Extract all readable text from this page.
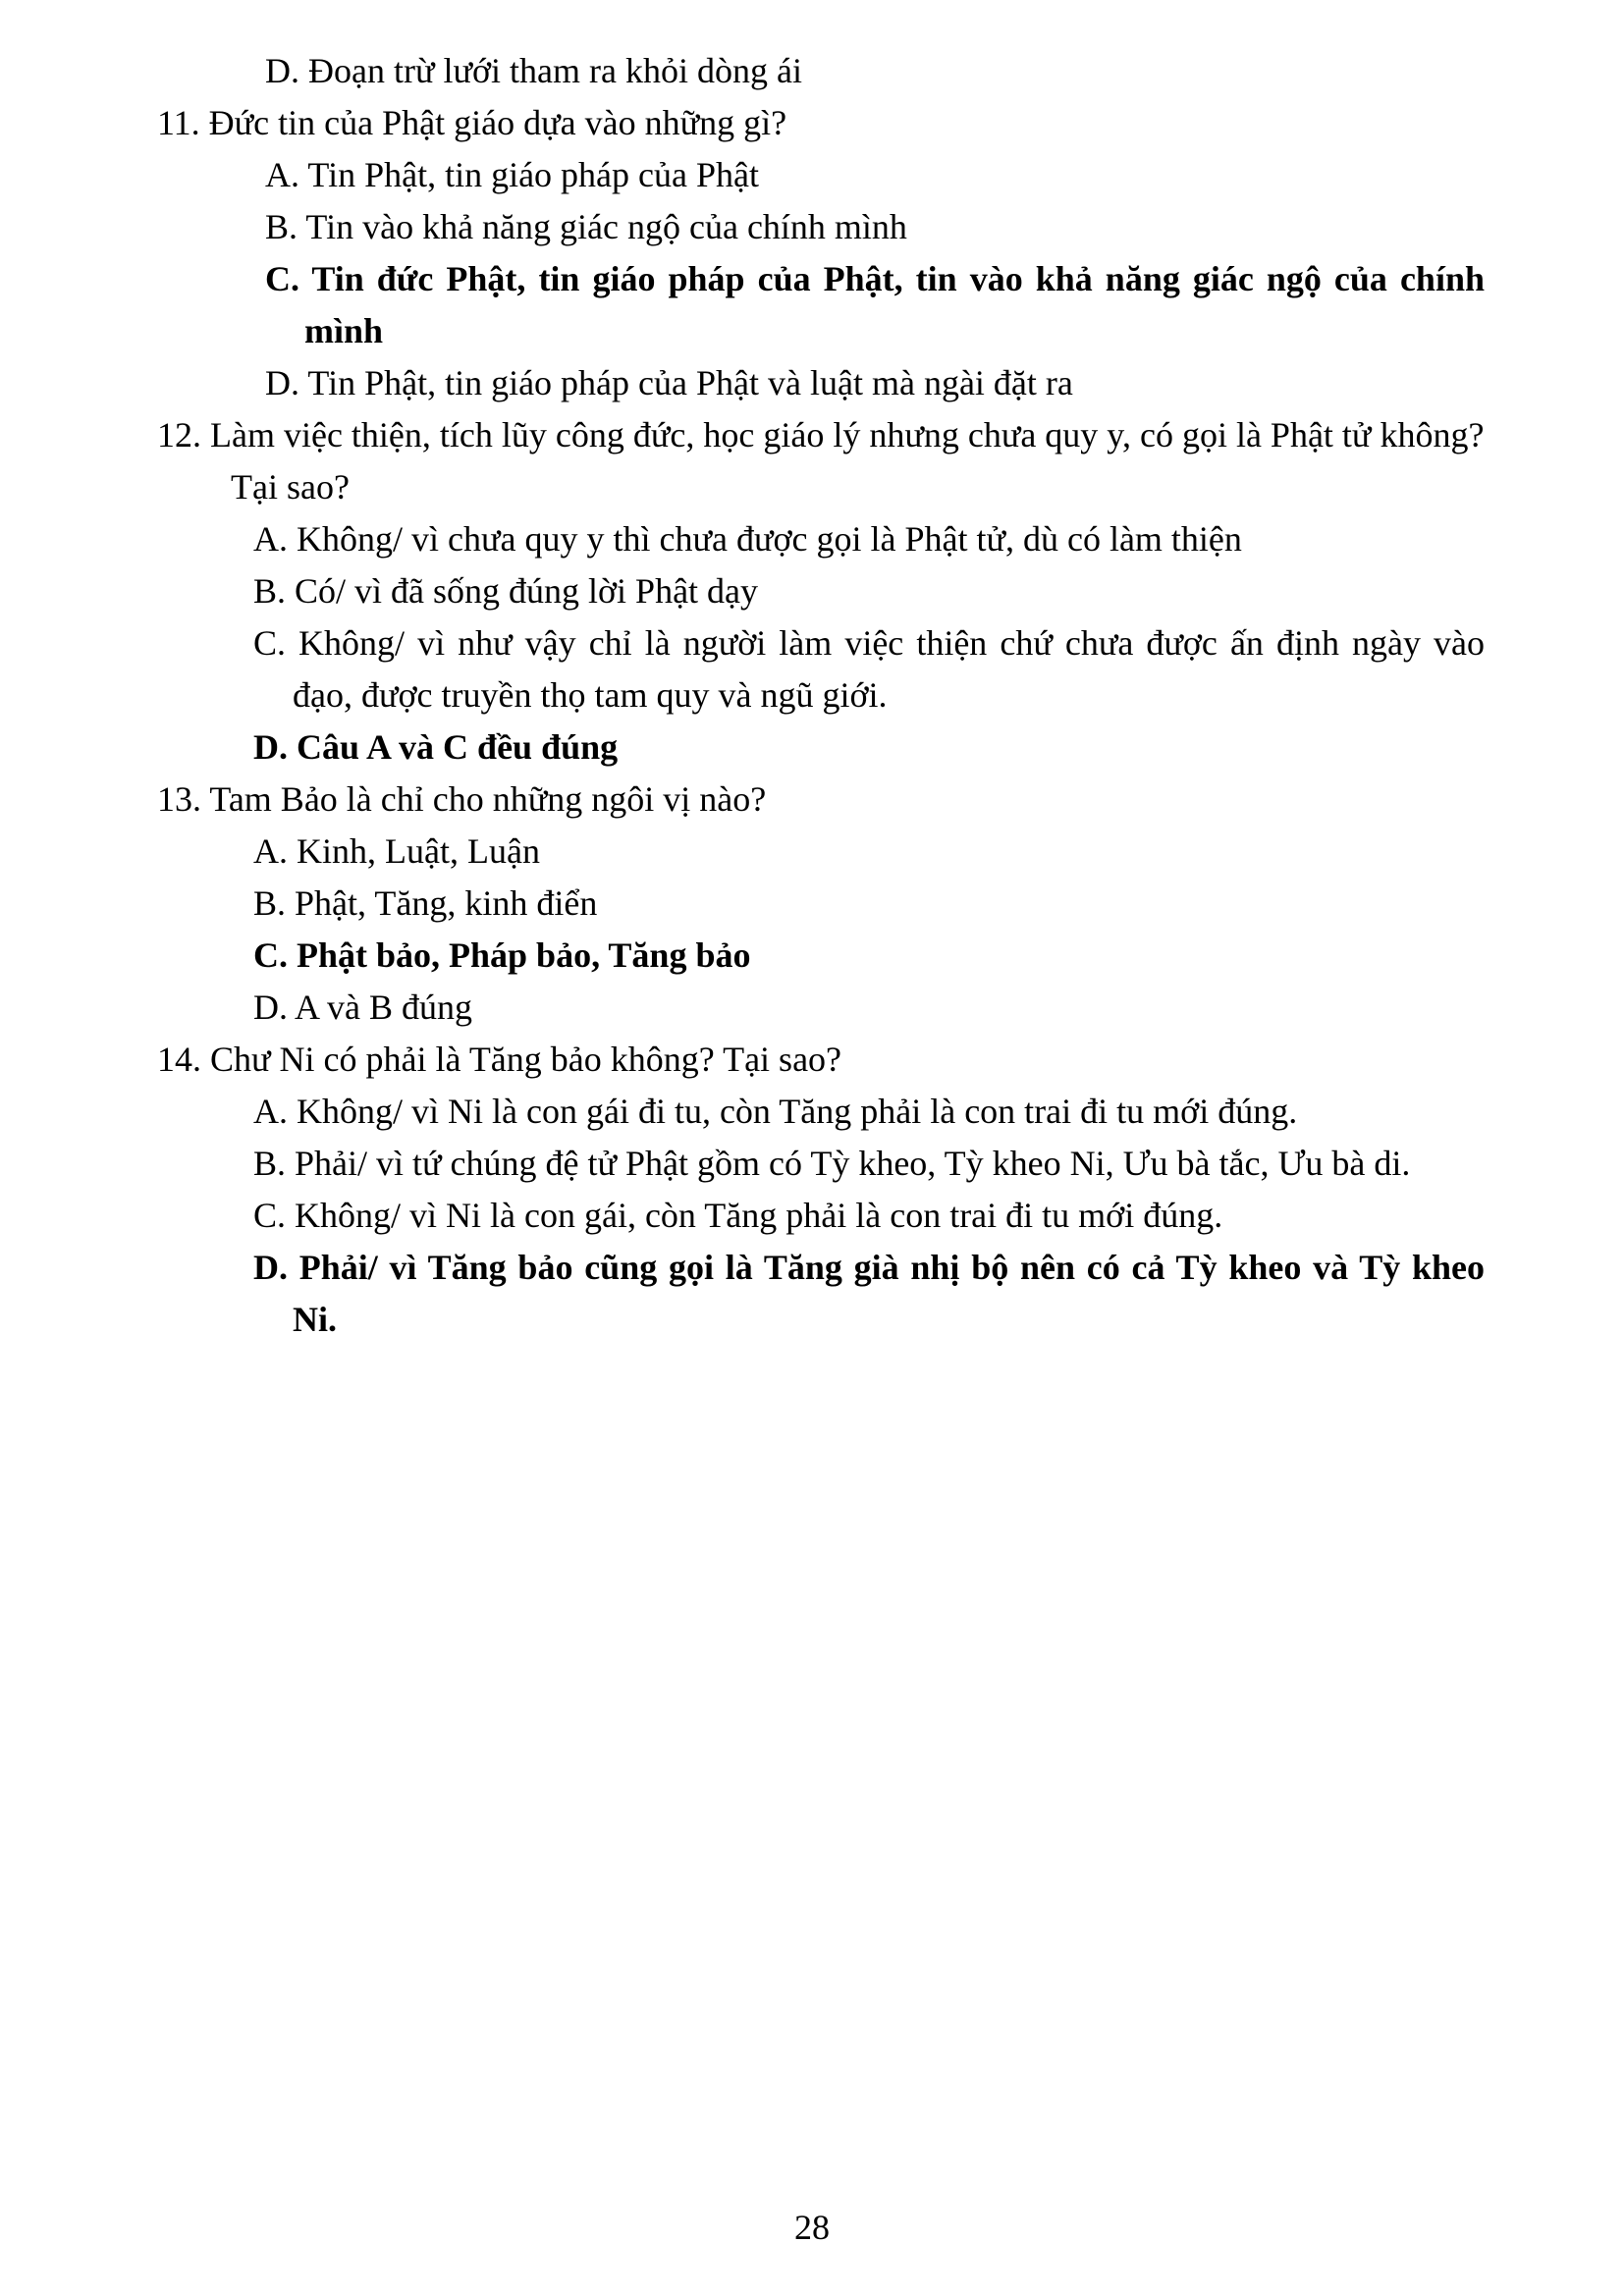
D. Đoạn trừ lưới tham ra khỏi dòng ái

11. Đức tin của Phật giáo dựa vào những gì?

A. Tin Phật, tin giáo pháp của Phật

B. Tin vào khả năng giác ngộ của chính mình

C. Tin đức Phật, tin giáo pháp của Phật, tin vào khả năng giác ngộ của chính mình

D. Tin Phật, tin giáo pháp của Phật và luật mà ngài đặt ra

12. Làm việc thiện, tích lũy công đức, học giáo lý nhưng chưa quy y, có gọi là Phật tử không? Tại sao?

A. Không/ vì chưa quy y thì chưa được gọi là Phật tử, dù có làm thiện

B. Có/ vì đã sống đúng lời Phật dạy

C. Không/ vì như vậy chỉ là người làm việc thiện chứ chưa được ấn định ngày vào đạo, được truyền thọ tam quy và ngũ giới.

D. Câu A và C đều đúng

13. Tam Bảo là chỉ cho những ngôi vị nào?

A. Kinh, Luật, Luận

B. Phật, Tăng, kinh điển

C. Phật bảo, Pháp bảo, Tăng bảo

D. A và B đúng

14. Chư Ni có phải là Tăng bảo không? Tại sao?

A. Không/ vì Ni là con gái đi tu, còn Tăng phải là con trai đi tu mới đúng.

B. Phải/ vì tứ chúng đệ tử Phật gồm có Tỳ kheo, Tỳ kheo Ni, Ưu bà tắc, Ưu bà di.

C. Không/ vì Ni là con gái, còn Tăng phải là con trai đi tu mới đúng.

D. Phải/ vì Tăng bảo cũng gọi là Tăng già nhị bộ nên có cả Tỳ kheo và Tỳ kheo Ni.

28
